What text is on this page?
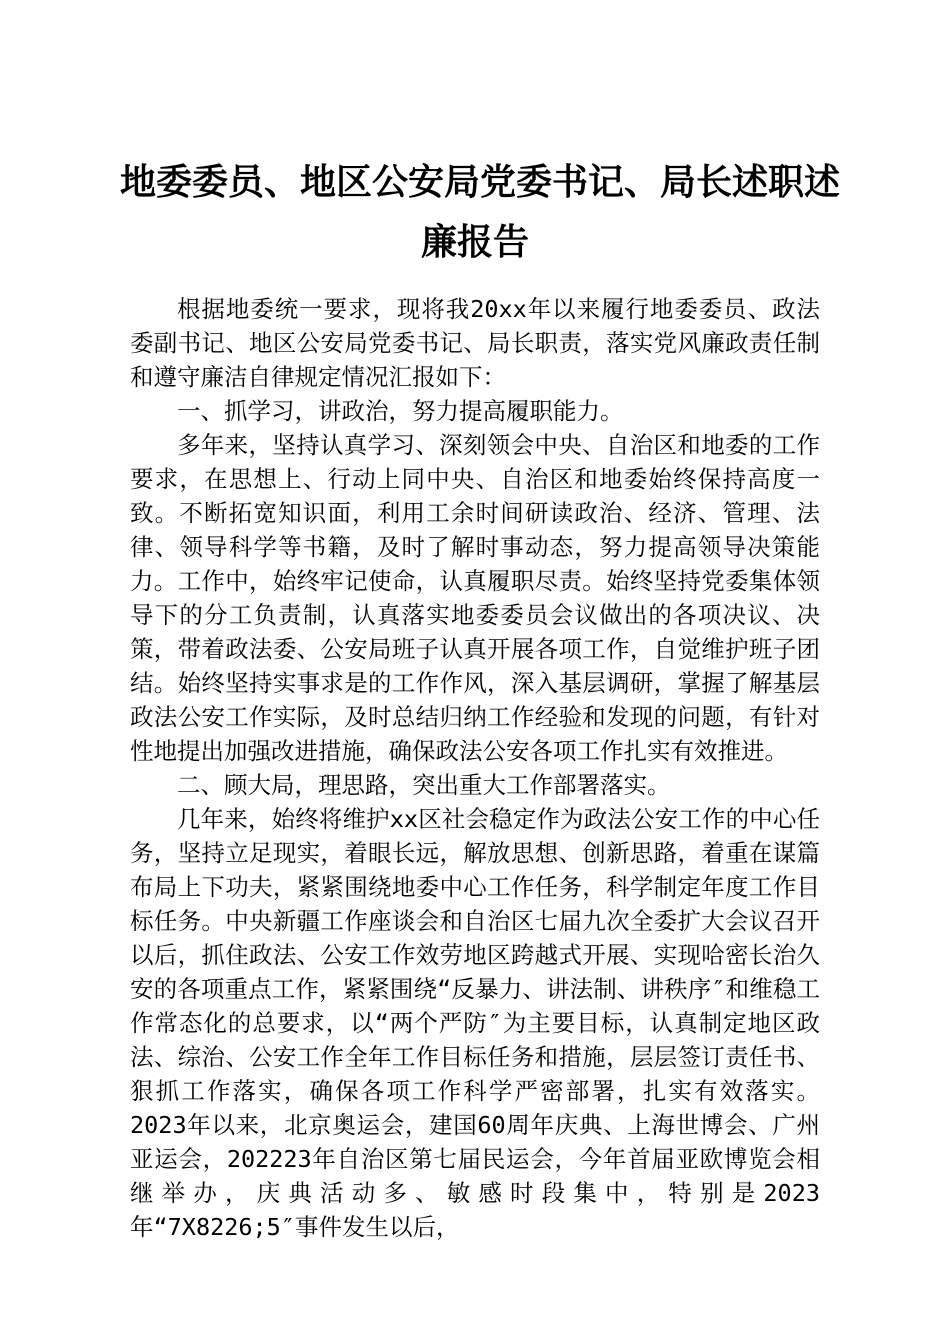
地委委员、地区公安局党委书记、局长述职述
廉报告

根据地委统一要求，现将我20xx年以来履行地委委员、政法委副书记、地区公安局党委书记、局长职责，落实党风廉政责任制和遵守廉洁自律规定情况汇报如下：

一、抓学习，讲政治，努力提高履职能力。

多年来，坚持认真学习、深刻领会中央、自治区和地委的工作要求，在思想上、行动上同中央、自治区和地委始终保持高度一致。不断拓宽知识面，利用工余时间研读政治、经济、管理、法律、领导科学等书籍，及时了解时事动态，努力提高领导决策能力。工作中，始终牢记使命，认真履职尽责。始终坚持党委集体领导下的分工负责制，认真落实地委委员会议做出的各项决议、决策，带着政法委、公安局班子认真开展各项工作，自觉维护班子团结。始终坚持实事求是的工作作风，深入基层调研，掌握了解基层政法公安工作实际，及时总结归纳工作经验和发现的问题，有针对性地提出加强改进措施，确保政法公安各项工作扎实有效推进。

二、顾大局，理思路，突出重大工作部署落实。

几年来，始终将维护xx区社会稳定作为政法公安工作的中心任务，坚持立足现实，着眼长远，解放思想、创新思路，着重在谋篇布局上下功夫，紧紧围绕地委中心工作任务，科学制定年度工作目标任务。中央新疆工作座谈会和自治区七届九次全委扩大会议召开以后，抓住政法、公安工作效劳地区跨越式开展、实现哈密长治久安的各项重点工作，紧紧围绕“反暴力、讲法制、讲秩序″和维稳工作常态化的总要求，以“两个严防″为主要目标，认真制定地区政法、综治、公安工作全年工作目标任务和措施，层层签订责任书、狠抓工作落实，确保各项工作科学严密部署，扎实有效落实。2023年以来，北京奥运会，建国60周年庆典、上海世博会、广州亚运会，202223年自治区第七届民运会，今年首届亚欧博览会相继举办，庆典活动多、敏感时段集中，特别是2023年“7X8226;5″事件发生以后，
